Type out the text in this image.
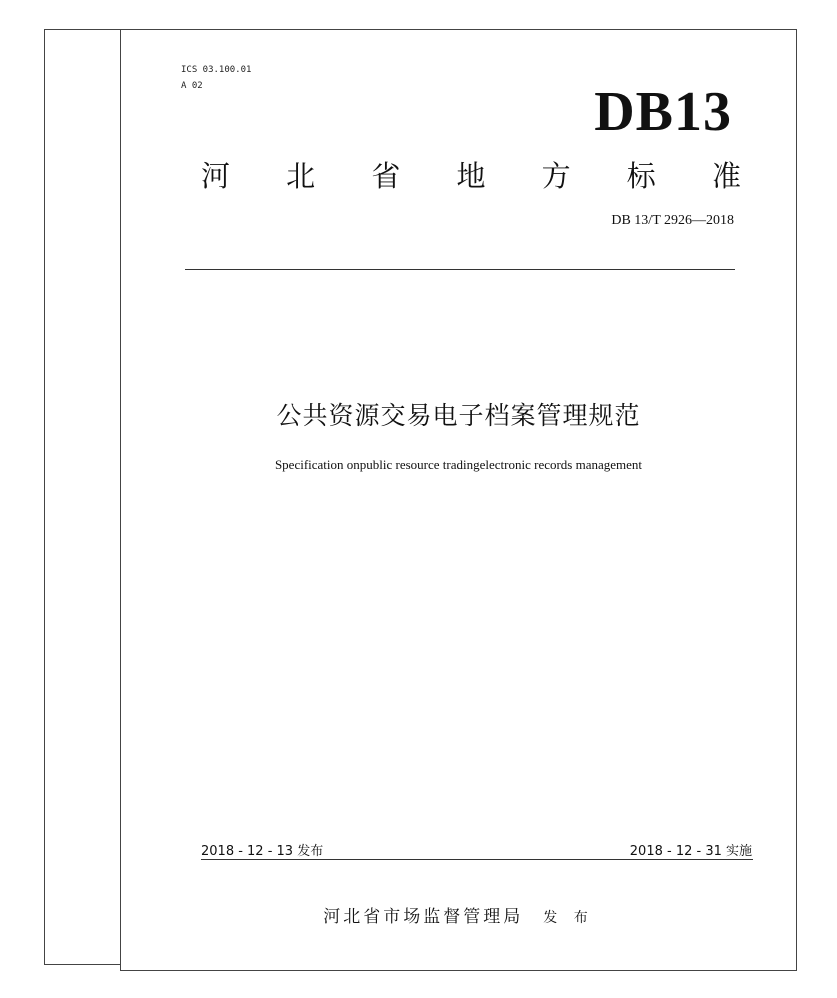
ICS 03.100.01
A 02	DB13
河 北 省 地 方 标 准
DB 13/T 2926—2018
公共资源交易电子档案管理规范
Specification onpublic resource tradingelectronic records management
2018 - 12 - 13 发布	2018 - 12 - 31 实施
河北省市场监督管理局 发 布
